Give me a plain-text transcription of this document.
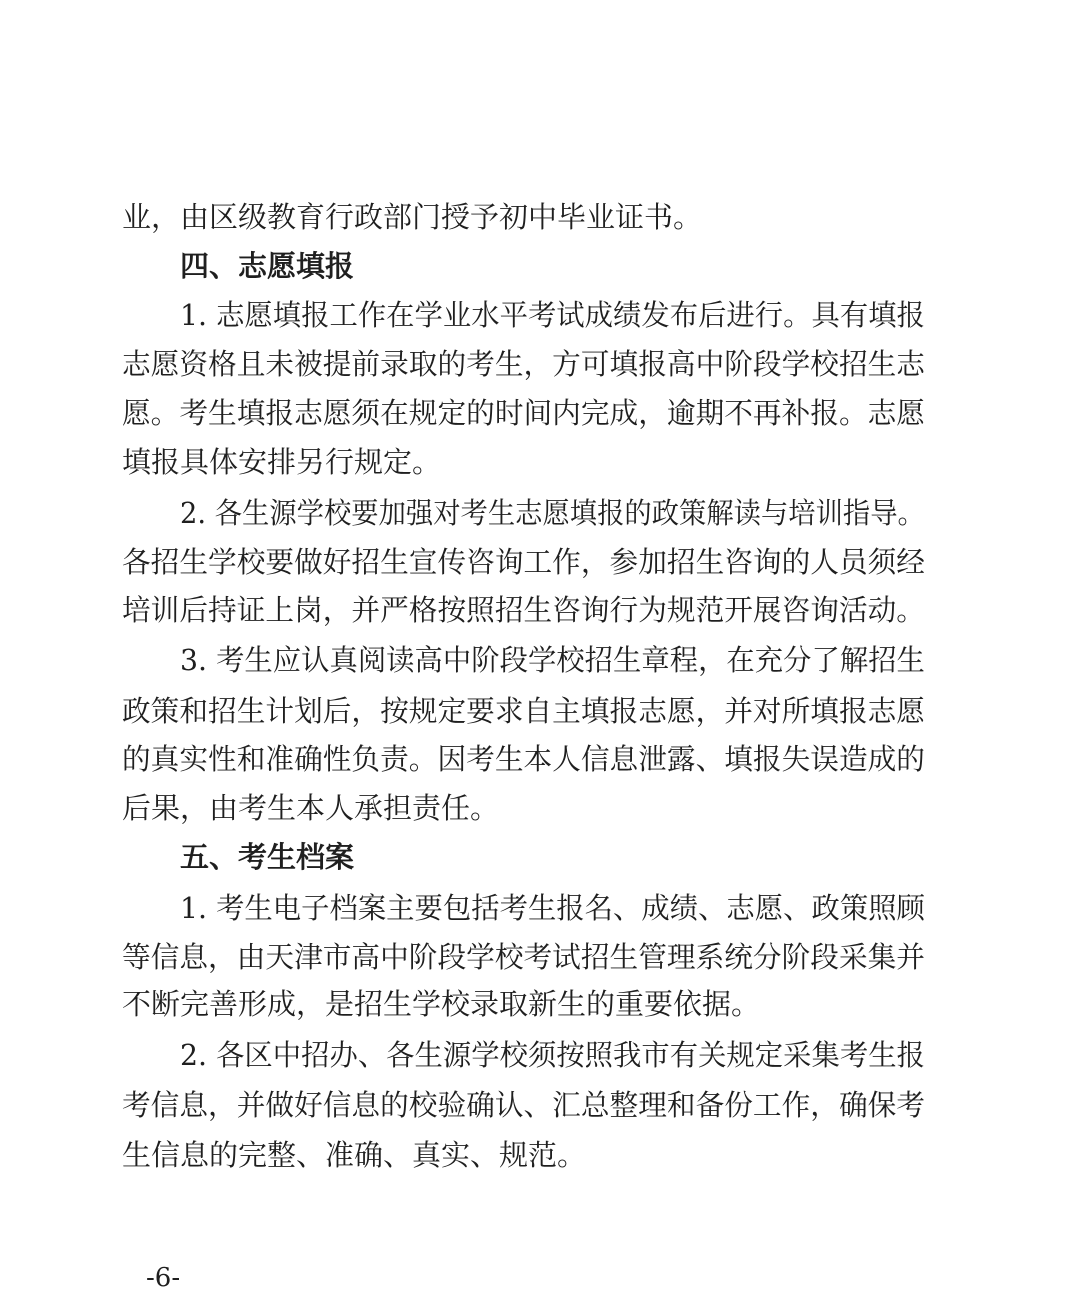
业，由区级教育行政部门授予初中毕业证书。
四、志愿填报
1. 志愿填报工作在学业水平考试成绩发布后进行。具有填报
志愿资格且未被提前录取的考生，方可填报高中阶段学校招生志
愿。考生填报志愿须在规定的时间内完成，逾期不再补报。志愿
填报具体安排另行规定。
2. 各生源学校要加强对考生志愿填报的政策解读与培训指导。
各招生学校要做好招生宣传咨询工作，参加招生咨询的人员须经
培训后持证上岗，并严格按照招生咨询行为规范开展咨询活动。
3. 考生应认真阅读高中阶段学校招生章程，在充分了解招生
政策和招生计划后，按规定要求自主填报志愿，并对所填报志愿
的真实性和准确性负责。因考生本人信息泄露、填报失误造成的
后果，由考生本人承担责任。
五、考生档案
1. 考生电子档案主要包括考生报名、成绩、志愿、政策照顾
等信息，由天津市高中阶段学校考试招生管理系统分阶段采集并
不断完善形成，是招生学校录取新生的重要依据。
2. 各区中招办、各生源学校须按照我市有关规定采集考生报
考信息，并做好信息的校验确认、汇总整理和备份工作，确保考
生信息的完整、准确、真实、规范。
-6-
